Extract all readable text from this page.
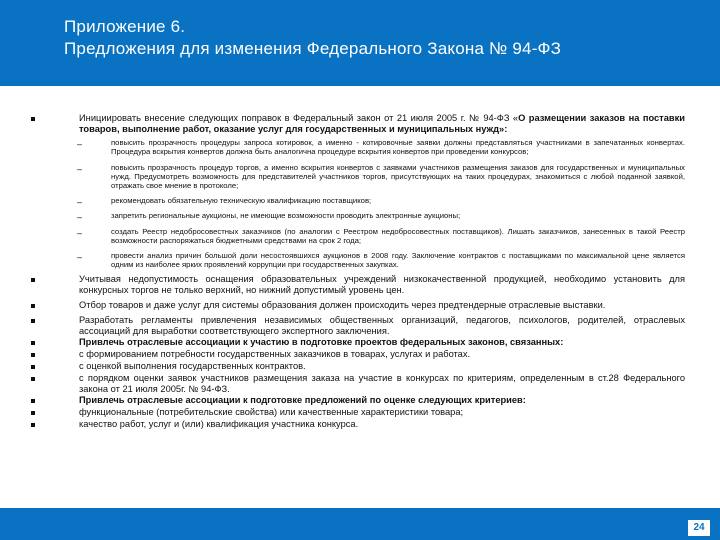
Приложение 6.
Предложения для изменения Федерального Закона № 94-ФЗ
Инициировать внесение следующих поправок в Федеральный закон от 21 июля 2005 г. № 94-ФЗ «О размещении заказов на поставки товаров, выполнение работ, оказание услуг для государственных и муниципальных нужд»:
–	повысить прозрачность процедуры запроса котировок, а именно - котировочные заявки должны представляться участниками в запечатанных конвертах. Процедура вскрытия конвертов должна быть аналогична процедуре вскрытия конвертов при проведении конкурсов;
–	повысить прозрачность процедур торгов, а именно вскрытия конвертов с заявками участников размещения заказов для государственных и муниципальных нужд. Предусмотреть возможность для представителей участников торгов, присутствующих на таких процедурах, знакомиться с любой поданной заявкой, отражать свое мнение в протоколе;
–	рекомендовать обязательную техническую квалификацию поставщиков;
–	запретить региональные аукционы, не имеющие возможности проводить электронные аукционы;
–	создать Реестр недобросовестных заказчиков (по аналогии с Реестром недобросовестных поставщиков). Лишать заказчиков, занесенных в такой Реестр возможности распоряжаться бюджетными средствами на срок 2 года;
–	провести анализ причин большой доли несостоявшихся аукционов в 2008 году. Заключение контрактов с поставщиками по максимальной цене является одним из наиболее ярких проявлений коррупции при государственных закупках.
Учитывая недопустимость оснащения образовательных учреждений низкокачественной продукцией, необходимо установить для конкурсных торгов не только верхний, но нижний допустимый уровень цен.
Отбор товаров и даже услуг для системы образования должен происходить через предтендерные отраслевые выставки.
Разработать регламенты привлечения независимых общественных организаций, педагогов, психологов, родителей, отраслевых ассоциаций для выработки соответствующего экспертного заключения.
Привлечь отраслевые ассоциации к участию в подготовке проектов федеральных законов, связанных:
с формированием потребности государственных заказчиков в товарах, услугах и работах.
с оценкой выполнения государственных контрактов.
с порядком оценки заявок участников размещения заказа на участие в конкурсах по критериям, определенным в ст.28 Федерального закона от 21 июля 2005г. № 94-ФЗ.
Привлечь отраслевые ассоциации к подготовке предложений по оценке следующих критериев:
функциональные (потребительские свойства) или качественные характеристики товара;
качество работ, услуг и (или) квалификация участника конкурса.
24
